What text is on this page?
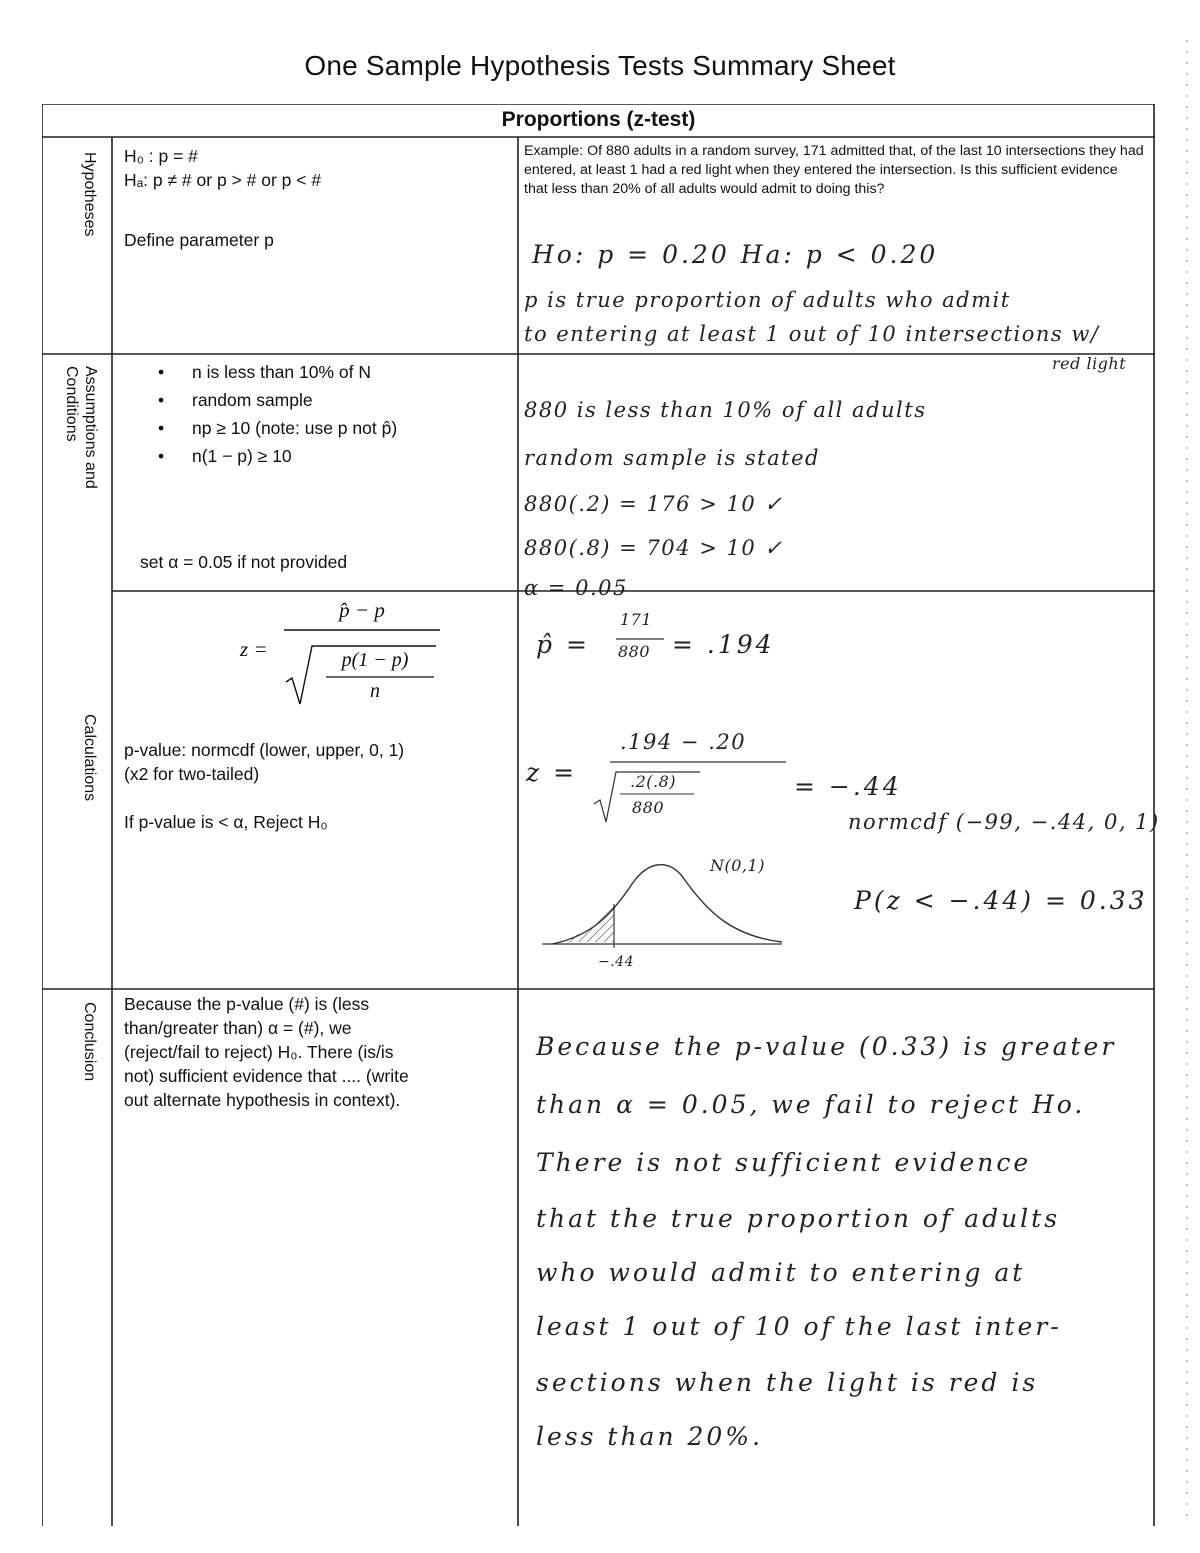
One Sample Hypothesis Tests Summary Sheet
Proportions (z-test)
Hypotheses
Assumptions and
Conditions
Calculations
Conclusion
H₀ : p = #
Hₐ: p ≠ # or p > # or p < #
Define parameter p
Example: Of 880 adults in a random survey, 171 admitted that, of the last 10 intersections they had entered, at least 1 had a red light when they entered the intersection. Is this sufficient evidence that less than 20% of all adults would admit to doing this?
Ho: p = 0.20 Ha: p < 0.20
p is true proportion of adults who admit
to entering at least 1 out of 10 intersections w/
red light
• n is less than 10% of N
• random sample
• np ≥ 10 (note: use p not p̂)
• n(1 − p) ≥ 10
set α = 0.05 if not provided
880 is less than 10% of all adults
random sample is stated
880(.2) = 176 > 10 ✓
880(.8) = 704 > 10 ✓
α = 0.05
z =
p̂ − p
p(1 − p)
n
p-value: normcdf (lower, upper, 0, 1)
(x2 for two-tailed)
If p-value is < α, Reject H₀
p̂ =
171
880 = .194
z =
.194 − .20
.2(.8)
880
= −.44
normcdf (−99, −.44, 0, 1)
P(z < −.44) = 0.33
N(0,1)
−.44
Because the p-value (#) is (less
than/greater than) α = (#), we
(reject/fail to reject) H₀. There (is/is
not) sufficient evidence that .... (write
out alternate hypothesis in context).
Because the p-value (0.33) is greater
than α = 0.05, we fail to reject Ho.
There is not sufficient evidence
that the true proportion of adults
who would admit to entering at
least 1 out of 10 of the last inter-
sections when the light is red is
less than 20%.
